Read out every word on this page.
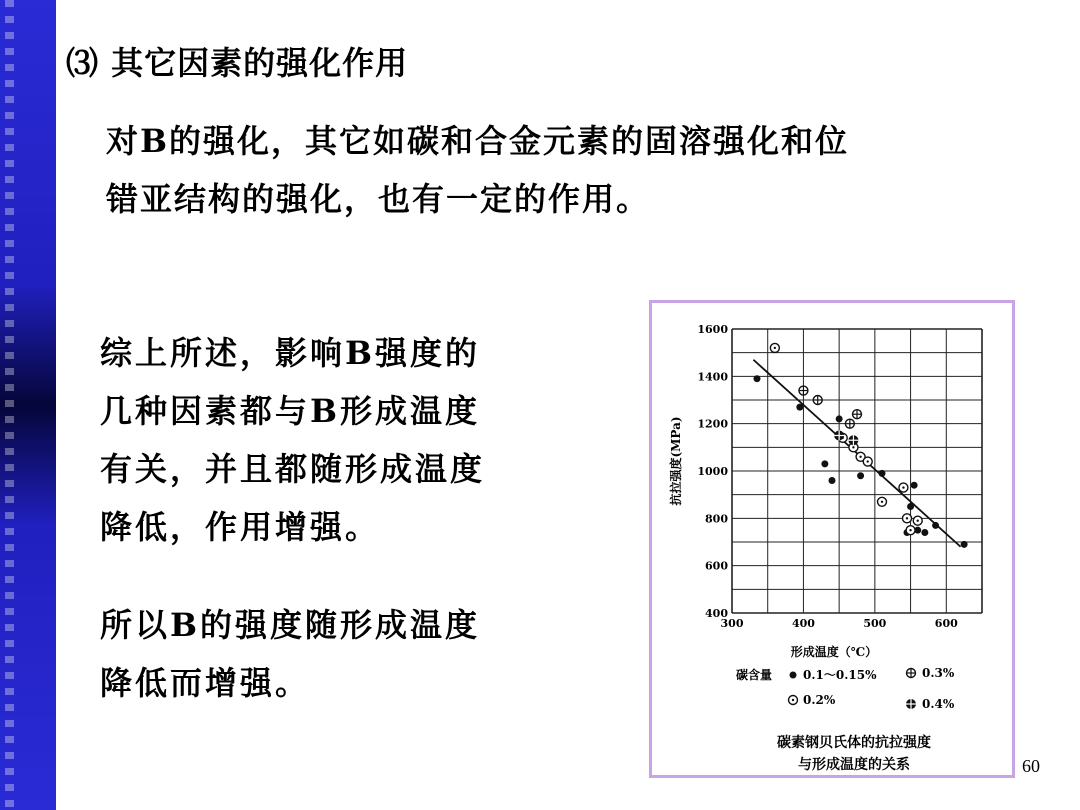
⑶ 其它因素的强化作用

对B的强化，其它如碳和合金元素的固溶强化和位

错亚结构的强化，也有一定的作用。

综上所述，影响B强度的

几种因素都与B形成温度

有关，并且都随形成温度

降低，作用增强。

所以B的强度随形成温度

降低而增强。

300	400	500	600
400
600
800
1000
1200
1400
1600
抗拉强度(MPa)
形成温度（℃）
碳含量	0.1～0.15%	0.3%
0.2%	0.4%
碳素钢贝氏体的抗拉强度
与形成温度的关系	60
